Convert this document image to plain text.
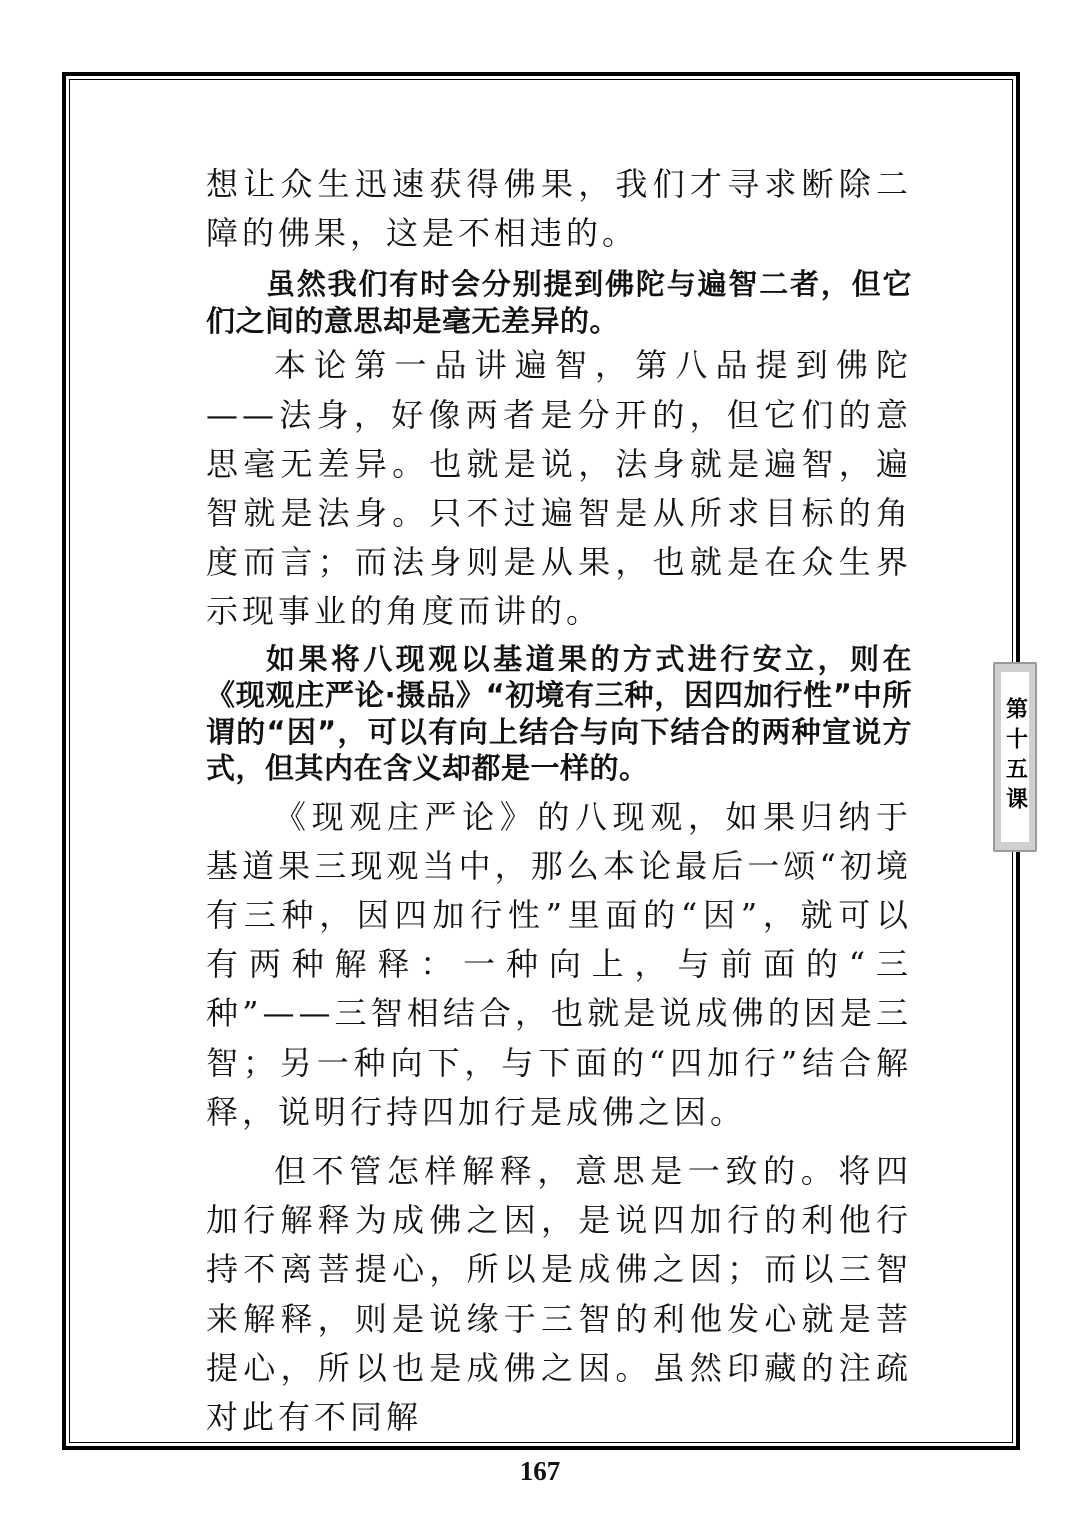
想让众生迅速获得佛果，我们才寻求断除二障的佛果，这是不相违的。

虽然我们有时会分别提到佛陀与遍智二者，但它们之间的意思却是毫无差异的。

本论第一品讲遍智，第八品提到佛陀——法身，好像两者是分开的，但它们的意思毫无差异。也就是说，法身就是遍智，遍智就是法身。只不过遍智是从所求目标的角度而言；而法身则是从果，也就是在众生界示现事业的角度而讲的。

如果将八现观以基道果的方式进行安立，则在《现观庄严论·摄品》“初境有三种，因四加行性”中所谓的“因”，可以有向上结合与向下结合的两种宣说方式，但其内在含义却都是一样的。

《现观庄严论》的八现观，如果归纳于基道果三现观当中，那么本论最后一颂“初境有三种，因四加行性”里面的“因”，就可以有两种解释：一种向上，与前面的“三种”——三智相结合，也就是说成佛的因是三智；另一种向下，与下面的“四加行”结合解释，说明行持四加行是成佛之因。

但不管怎样解释，意思是一致的。将四加行解释为成佛之因，是说四加行的利他行持不离菩提心，所以是成佛之因；而以三智来解释，则是说缘于三智的利他发心就是菩提心，所以也是成佛之因。虽然印藏的注疏对此有不同解

第十五课
167
